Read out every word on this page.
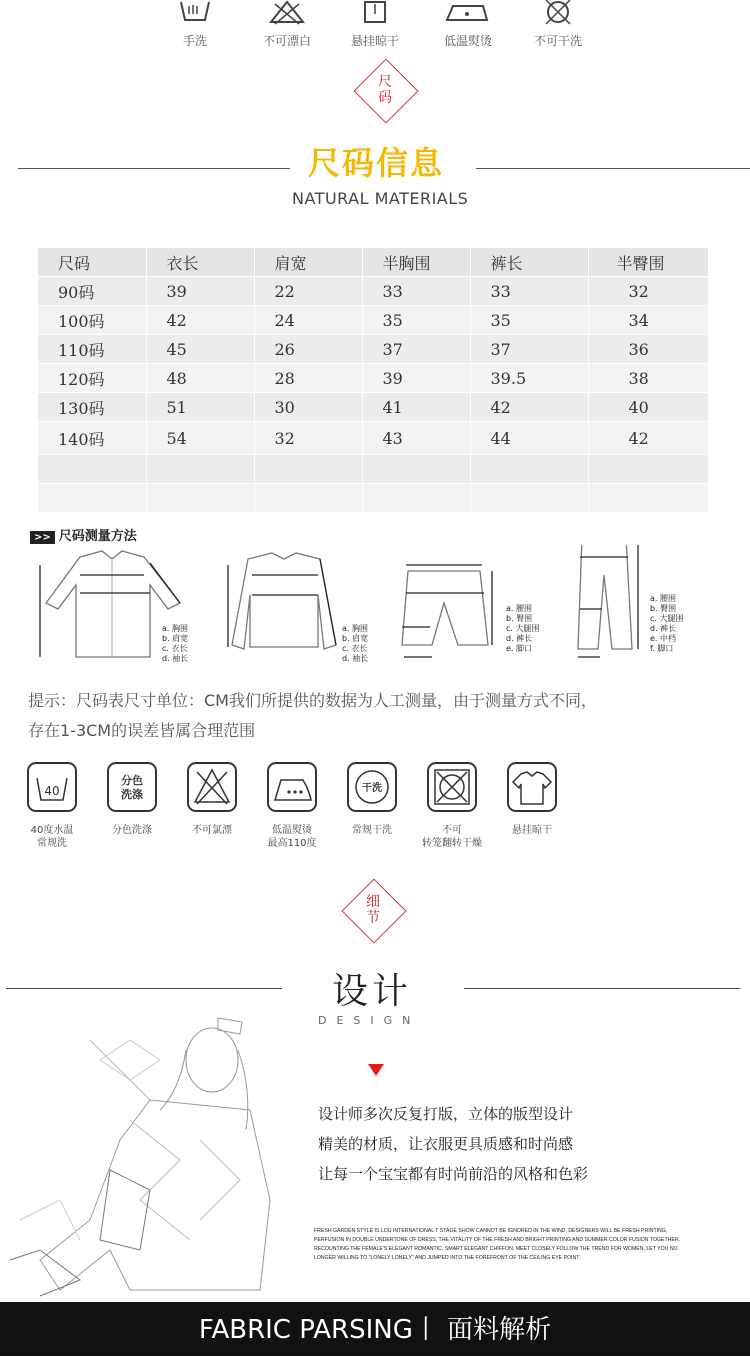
手洗	不可漂白	悬挂晾干	低温熨烫	不可干洗
尺
码
尺码信息
NATURAL MATERIALS
尺码	衣长	肩宽	半胸围	裤长	半臀围
90码	39	22	33	33	32
100码	42	24	35	35	34
110码	45	26	37	37	36
120码	48	28	39	39.5	38
130码	51	30	41	42	40
140码	54	32	43	44	42

>> 尺码测量方法
a. 胸围
b. 肩宽
c. 衣长
d. 袖长
a. 胸围
b. 肩宽
c. 衣长
d. 袖长
a. 腰围
b. 臀围
c. 大腿围
d. 裤长
e. 脚口
a. 腰围
b. 臀围
c. 大腿围
d. 裤长
e. 中档
f. 脚口
提示：尺码表尺寸单位：CM我们所提供的数据为人工测量，由于测量方式不同，
存在1-3CM的误差皆属合理范围
40
40度水温
常规洗
分色
洗涤
分色洗涤	不可氯漂	低温熨烫
最高110度
干洗
常规干洗	不可
转笼翻转干燥
悬挂晾干
细
节
设计
DESIGN
设计师多次反复打版，立体的版型设计
精美的材质，让衣服更具质感和时尚感
让每一个宝宝都有时尚前沿的风格和色彩
FRESH GARDEN STYLE IS LOU INTERNATIONAL T STAGE SHOW CANNOT BE IGNORED IN THE WIND, DESIGNERS WILL BE FRESH PRINTING, PERFUSION IN DOUBLE UNDERTONE OF DRESS, THE VITALITY OF THE FRESH AND BRIGHT PRINTING AND SUMMER COLOR FUSION TOGETHER, RECOUNTING THE FEMALE'S ELEGANT ROMANTIC, SMART ELEGANT CHIFFON, MEET CLOSELY FOLLOW THE TREND FOR WOMEN, LET YOU NO LONGER WILLING TO "LONELY LONELY" AND JUMPED INTO THE FOREFRONT OF THE CEILING EYE POINT.
FABRIC PARSING丨 面料解析
